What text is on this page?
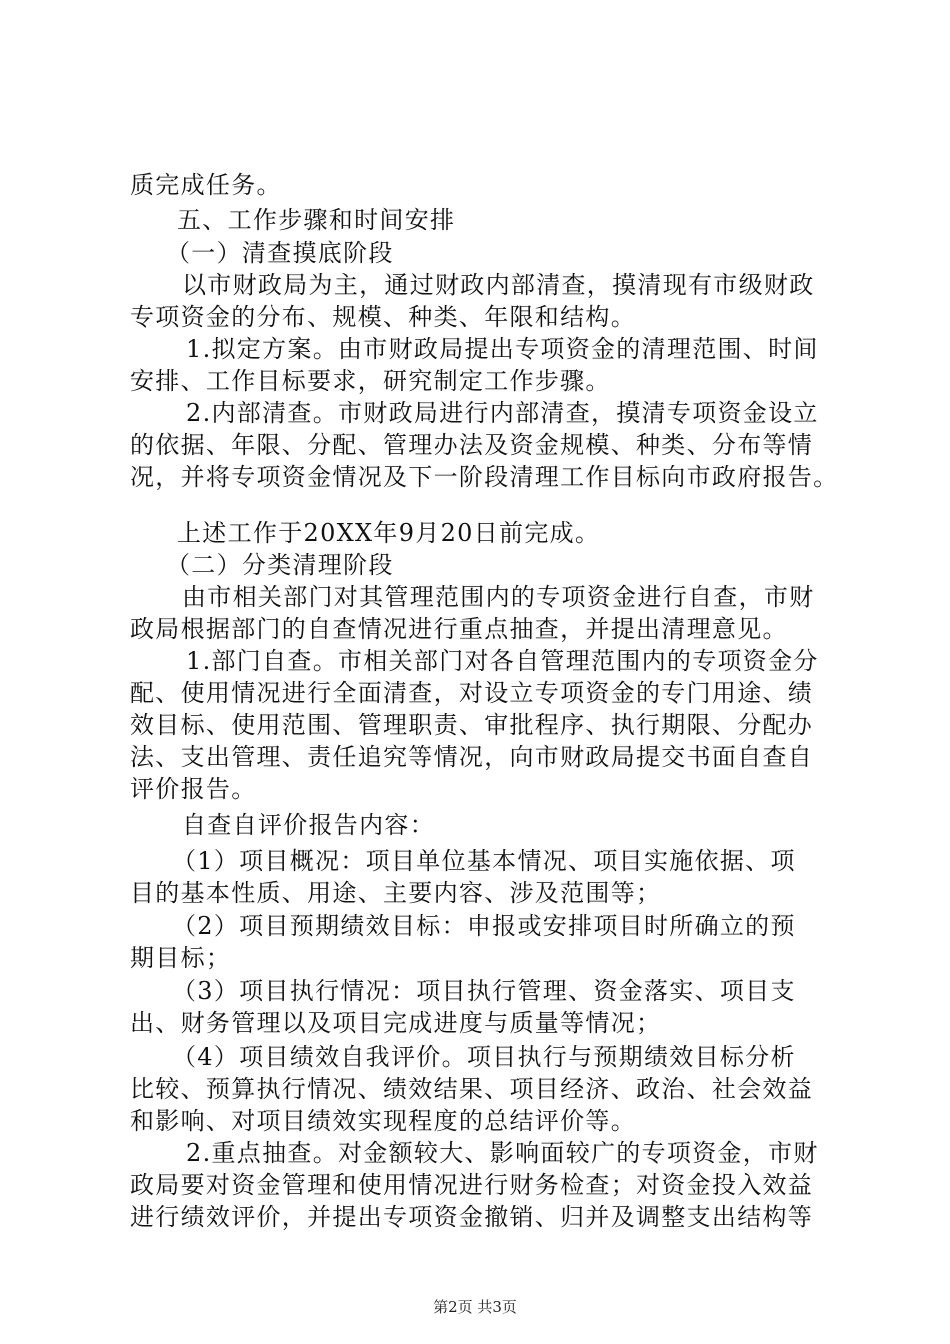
质完成任务。
五、工作步骤和时间安排
（一）清查摸底阶段
以市财政局为主，通过财政内部清查，摸清现有市级财政
专项资金的分布、规模、种类、年限和结构。
1.拟定方案。由市财政局提出专项资金的清理范围、时间
安排、工作目标要求，研究制定工作步骤。
2.内部清查。市财政局进行内部清查，摸清专项资金设立
的依据、年限、分配、管理办法及资金规模、种类、分布等情
况，并将专项资金情况及下一阶段清理工作目标向市政府报告。
上述工作于20XX年9月20日前完成。
（二）分类清理阶段
由市相关部门对其管理范围内的专项资金进行自查，市财
政局根据部门的自查情况进行重点抽查，并提出清理意见。
1.部门自查。市相关部门对各自管理范围内的专项资金分
配、使用情况进行全面清查，对设立专项资金的专门用途、绩
效目标、使用范围、管理职责、审批程序、执行期限、分配办
法、支出管理、责任追究等情况，向市财政局提交书面自查自
评价报告。
自查自评价报告内容：
（1）项目概况：项目单位基本情况、项目实施依据、项
目的基本性质、用途、主要内容、涉及范围等；
（2）项目预期绩效目标：申报或安排项目时所确立的预
期目标；
（3）项目执行情况：项目执行管理、资金落实、项目支
出、财务管理以及项目完成进度与质量等情况；
（4）项目绩效自我评价。项目执行与预期绩效目标分析
比较、预算执行情况、绩效结果、项目经济、政治、社会效益
和影响、对项目绩效实现程度的总结评价等。
2.重点抽查。对金额较大、影响面较广的专项资金，市财
政局要对资金管理和使用情况进行财务检查；对资金投入效益
进行绩效评价，并提出专项资金撤销、归并及调整支出结构等
第2页 共3页
